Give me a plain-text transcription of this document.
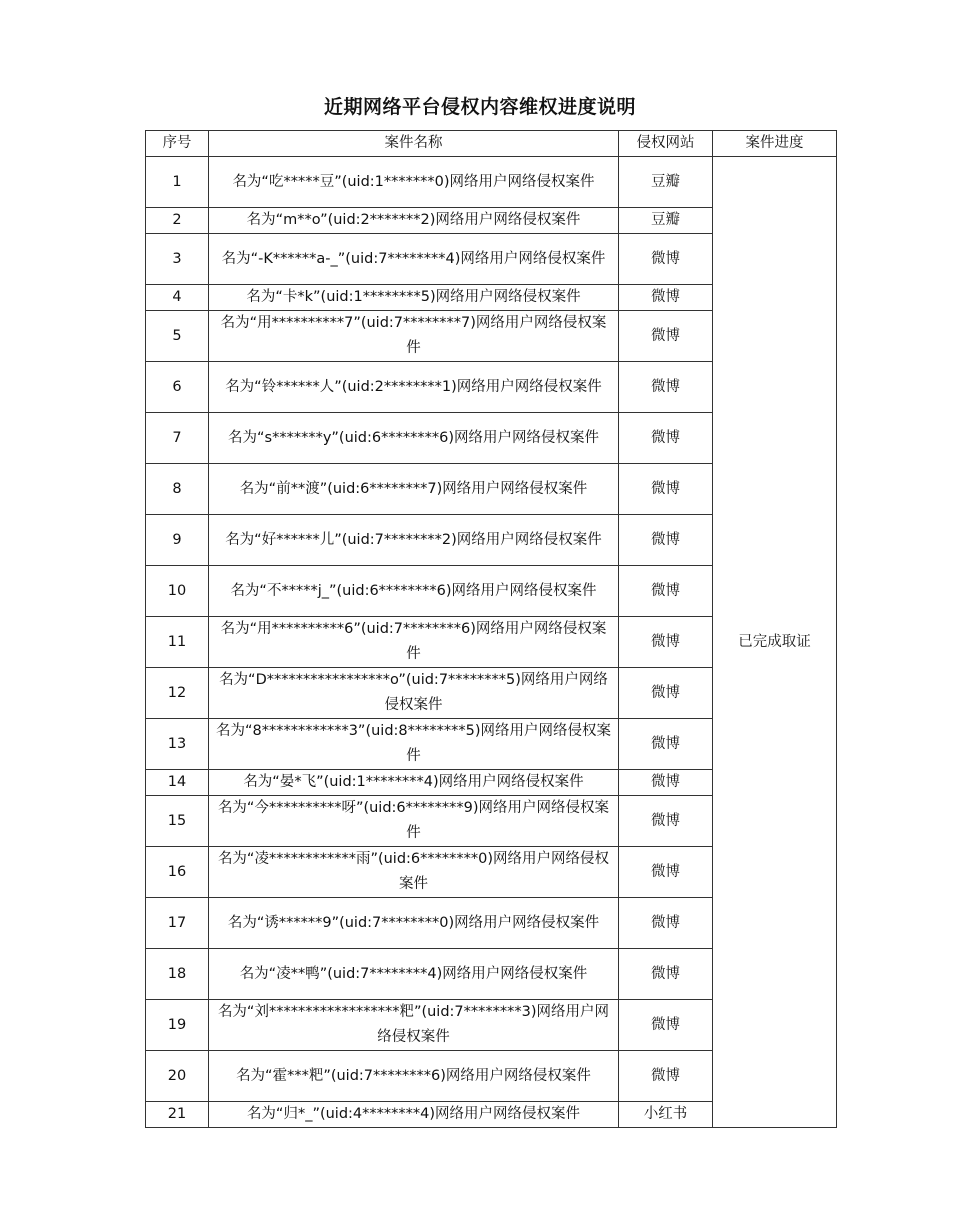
近期网络平台侵权内容维权进度说明
序号	案件名称	侵权网站	案件进度
1	名为“吃*****豆”(uid:1*******0)网络用户网络侵权案件	豆瓣	已完成取证
2	名为“m**o”(uid:2*******2)网络用户网络侵权案件	豆瓣	
3	名为“-K******a-_”(uid:7********4)网络用户网络侵权案件	微博	
4	名为“卡*k”(uid:1********5)网络用户网络侵权案件	微博	
5	名为“用**********7”(uid:7********7)网络用户网络侵权案件	微博	
6	名为“铃******人”(uid:2********1)网络用户网络侵权案件	微博	
7	名为“s*******y”(uid:6********6)网络用户网络侵权案件	微博	
8	名为“前**渡”(uid:6********7)网络用户网络侵权案件	微博	
9	名为“好******儿”(uid:7********2)网络用户网络侵权案件	微博	
10	名为“不*****j_”(uid:6********6)网络用户网络侵权案件	微博	
11	名为“用**********6”(uid:7********6)网络用户网络侵权案件	微博	
12	名为“D*****************o”(uid:7********5)网络用户网络侵权案件	微博	
13	名为“8************3”(uid:8********5)网络用户网络侵权案件	微博	
14	名为“晏*飞”(uid:1********4)网络用户网络侵权案件	微博	
15	名为“今**********呀”(uid:6********9)网络用户网络侵权案件	微博	
16	名为“凌************雨”(uid:6********0)网络用户网络侵权案件	微博	
17	名为“诱******9”(uid:7********0)网络用户网络侵权案件	微博	
18	名为“凌**鸭”(uid:7********4)网络用户网络侵权案件	微博	
19	名为“刘******************粑”(uid:7********3)网络用户网络侵权案件	微博	
20	名为“霍***粑”(uid:7********6)网络用户网络侵权案件	微博	
21	名为“归*_”(uid:4********4)网络用户网络侵权案件	小红书	
